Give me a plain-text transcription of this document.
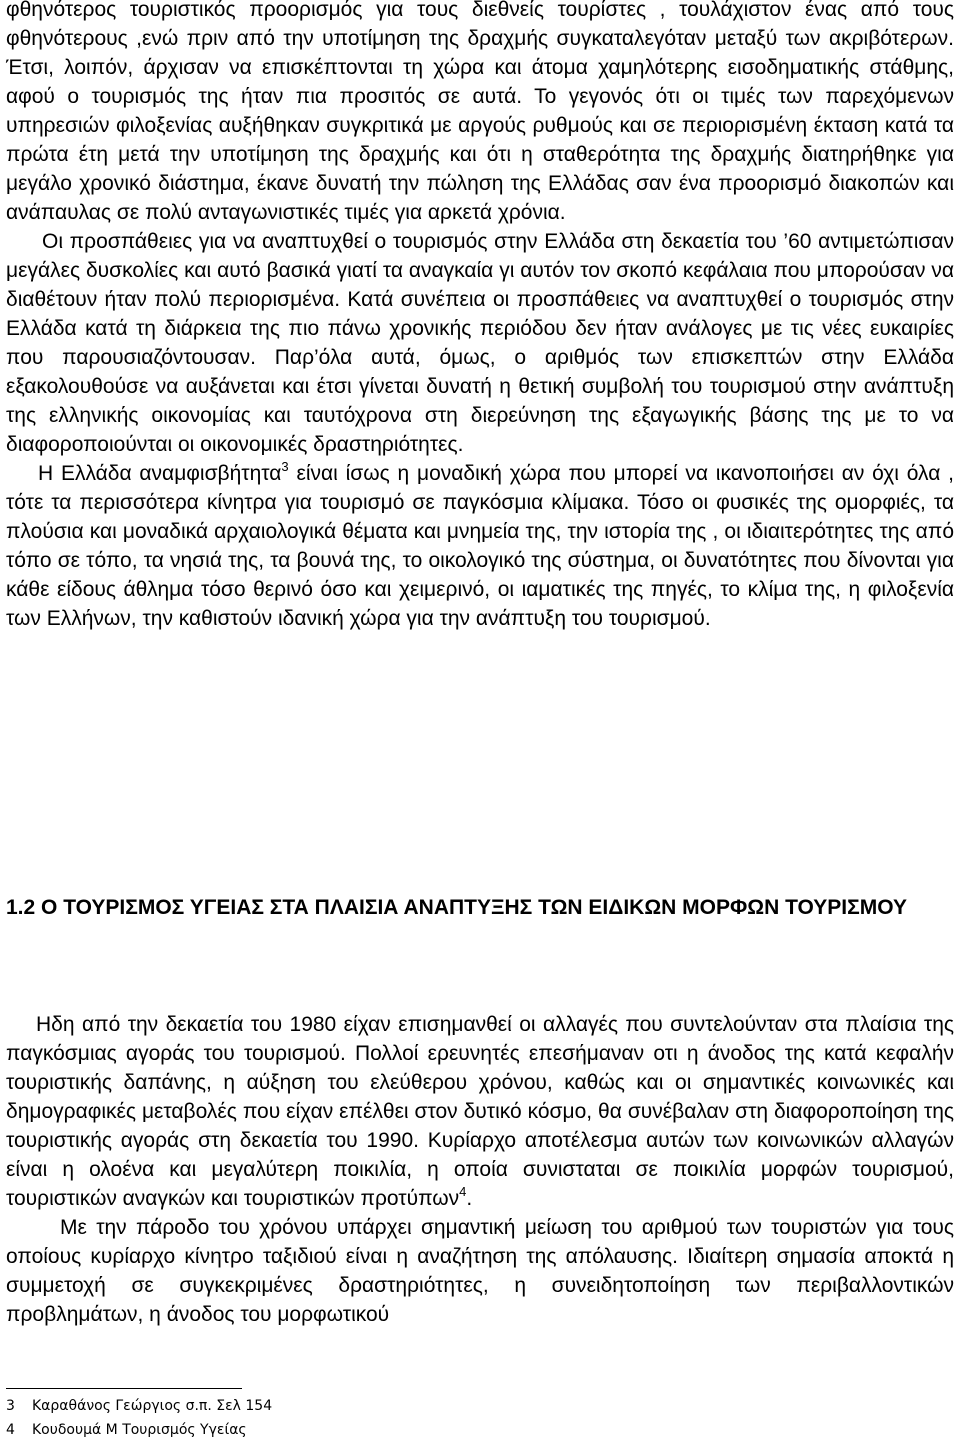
φθηνότερος τουριστικός προορισμός για τους διεθνείς τουρίστες , τουλάχιστον ένας από τους φθηνότερους ,ενώ πριν από την υποτίμηση της δραχμής συγκαταλεγόταν μεταξύ των ακριβότερων. Έτσι, λοιπόν, άρχισαν να επισκέπτονται τη χώρα και άτομα χαμηλότερης εισοδηματικής στάθμης, αφού ο τουρισμός της ήταν πια προσιτός σε αυτά. Το γεγονός ότι οι τιμές των παρεχόμενων υπηρεσιών φιλοξενίας αυξήθηκαν συγκριτικά με αργούς ρυθμούς και σε περιορισμένη έκταση κατά τα πρώτα έτη μετά την υποτίμηση της δραχμής και ότι η σταθερότητα της δραχμής διατηρήθηκε για μεγάλο χρονικό διάστημα, έκανε δυνατή την πώληση της Ελλάδας σαν ένα προορισμό διακοπών και ανάπαυλας σε πολύ ανταγωνιστικές τιμές για αρκετά χρόνια.

Οι προσπάθειες για να αναπτυχθεί ο τουρισμός στην Ελλάδα στη δεκαετία του ’60 αντιμετώπισαν μεγάλες δυσκολίες και αυτό βασικά γιατί τα αναγκαία γι αυτόν τον σκοπό κεφάλαια που μπορούσαν να διαθέτουν ήταν πολύ περιορισμένα. Κατά συνέπεια οι προσπάθειες να αναπτυχθεί ο τουρισμός στην Ελλάδα κατά τη διάρκεια της πιο πάνω χρονικής περιόδου δεν ήταν ανάλογες με τις νέες ευκαιρίες που παρουσιαζόντουσαν. Παρ’όλα αυτά, όμως, ο αριθμός των επισκεπτών στην Ελλάδα εξακολουθούσε να αυξάνεται και έτσι γίνεται δυνατή η θετική συμβολή του τουρισμού στην ανάπτυξη της ελληνικής οικονομίας και ταυτόχρονα στη διερεύνηση της εξαγωγικής βάσης της με το να διαφοροποιούνται οι οικονομικές δραστηριότητες.

Η Ελλάδα αναμφισβήτητα$^3$ είναι ίσως η μοναδική χώρα που μπορεί να ικανοποιήσει αν όχι όλα , τότε τα περισσότερα κίνητρα για τουρισμό σε παγκόσμια κλίμακα. Τόσο οι φυσικές της ομορφιές, τα πλούσια και μοναδικά αρχαιολογικά θέματα και μνημεία της, την ιστορία της , οι ιδιαιτερότητες της από τόπο σε τόπο, τα νησιά της, τα βουνά της, το οικολογικό της σύστημα, οι δυνατότητες που δίνονται για κάθε είδους άθλημα τόσο θερινό όσο και χειμερινό, οι ιαματικές της πηγές, το κλίμα της, η φιλοξενία των Ελλήνων, την καθιστούν ιδανική χώρα για την ανάπτυξη του τουρισμού.

1.2 Ο ΤΟΥΡΙΣΜΟΣ ΥΓΕΙΑΣ ΣΤΑ ΠΛΑΙΣΙΑ ΑΝΑΠΤΥΞΗΣ ΤΩΝ ΕΙΔΙΚΩΝ ΜΟΡΦΩΝ ΤΟΥΡΙΣΜΟΥ

Ηδη από την δεκαετία του 1980 είχαν επισημανθεί οι αλλαγές που συντελούνταν στα πλαίσια της παγκόσμιας αγοράς του τουρισμού. Πολλοί ερευνητές επεσήμαναν οτι η άνοδος της κατά κεφαλήν τουριστικής δαπάνης, η αύξηση του ελεύθερου χρόνου, καθώς και οι σημαντικές κοινωνικές και δημογραφικές μεταβολές που είχαν επέλθει στον δυτικό κόσμο, θα συνέβαλαν στη διαφοροποίηση της τουριστικής αγοράς στη δεκαετία του 1990. Κυρίαρχο αποτέλεσμα αυτών των κοινωνικών αλλαγών είναι η ολοένα και μεγαλύτερη ποικιλία, η οποία συνισταται σε ποικιλία μορφών τουρισμού, τουριστικών αναγκών και τουριστικών προτύπων$^4$.

Με την πάροδο του χρόνου υπάρχει σημαντική μείωση του αριθμού των τουριστών για τους οποίους κυρίαρχο κίνητρο ταξιδιού είναι η αναζήτηση της απόλαυσης. Ιδιαίτερη σημασία αποκτά η συμμετοχή σε συγκεκριμένες δραστηριότητες, η συνειδητοποίηση των περιβαλλοντικών προβλημάτων, η άνοδος του μορφωτικού

3	Καραθάνος Γεώργιος σ.π. Σελ 154
4	Κουδουμά Μ Τουρισμός Υγείας
